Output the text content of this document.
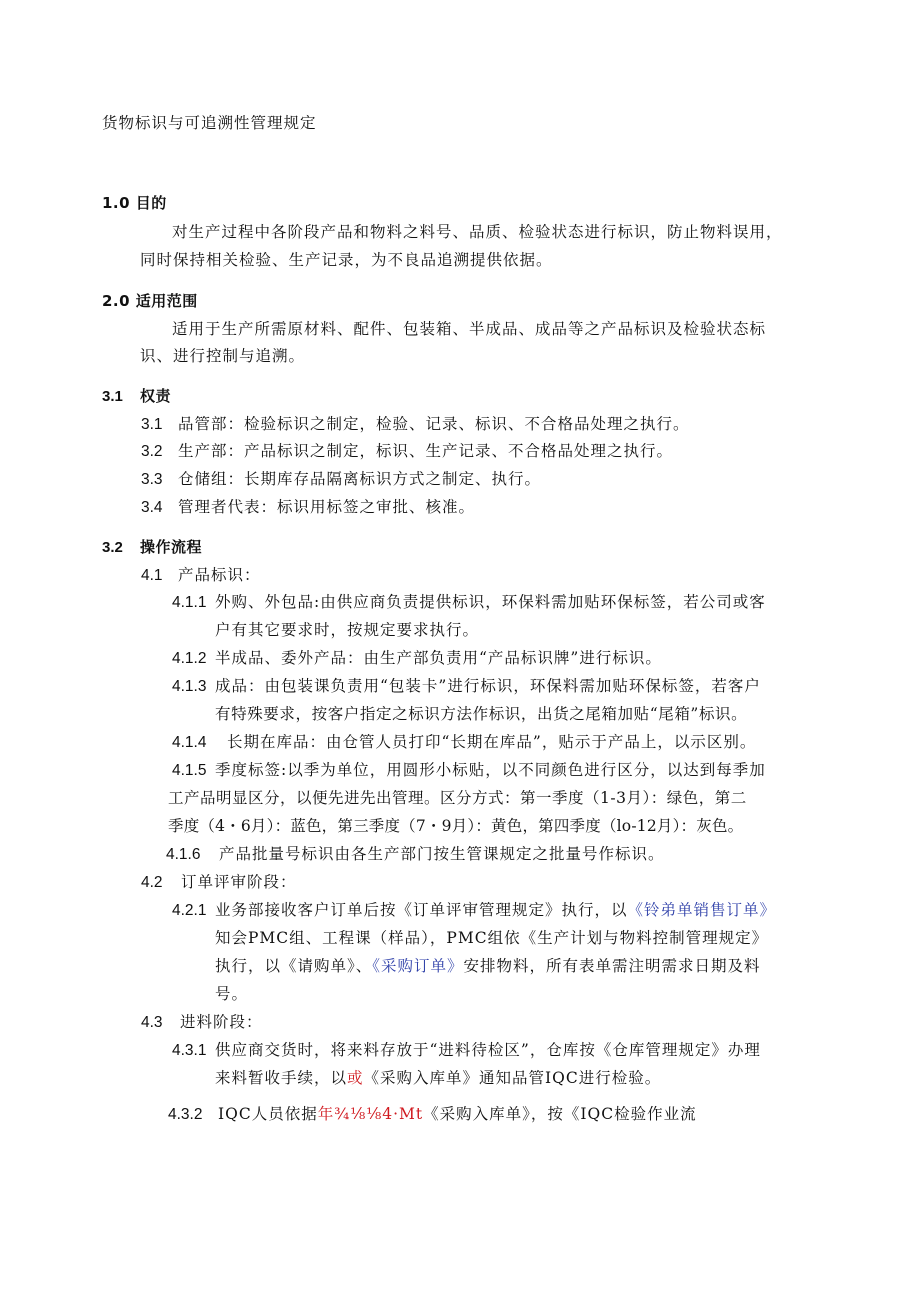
货物标识与可追溯性管理规定
1.0 目的
对生产过程中各阶段产品和物料之料号、品质、检验状态进行标识，防止物料误用，
同时保持相关检验、生产记录，为不良品追溯提供依据。
2.0 适用范围
适用于生产所需原材料、配件、包装箱、半成品、成品等之产品标识及检验状态标
识、进行控制与追溯。
3.1 权责
3.1 品管部：检验标识之制定，检验、记录、标识、不合格品处理之执行。
3.2 生产部：产品标识之制定，标识、生产记录、不合格品处理之执行。
3.3 仓储组：长期库存品隔离标识方式之制定、执行。
3.4 管理者代表：标识用标签之审批、核准。
3.2 操作流程
4.1 产品标识：
4.1.1 外购、外包品:由供应商负责提供标识，环保料需加贴环保标签，若公司或客
户有其它要求时，按规定要求执行。
4.1.2 半成品、委外产品：由生产部负责用“产品标识牌”进行标识。
4.1.3 成品：由包装课负责用“包装卡”进行标识，环保料需加贴环保标签，若客户
有特殊要求，按客户指定之标识方法作标识，出货之尾箱加贴“尾箱”标识。
4.1.4 长期在库品：由仓管人员打印“长期在库品”，贴示于产品上，以示区别。
4.1.5 季度标签:以季为单位，用圆形小标贴，以不同颜色进行区分，以达到每季加
工产品明显区分，以便先进先出管理。区分方式：第一季度（1-3月）：绿色，第二
季度（4・6月）：蓝色，第三季度（7・9月）：黄色，第四季度（lo-12月）：灰色。
4.1.6 产品批量号标识由各生产部门按生管课规定之批量号作标识。
4.2 订单评审阶段：
4.2.1 业务部接收客户订单后按《订单评审管理规定》执行，以《铃弟单销售订单》
知会PMC组、工程课（样品），PMC组依《生产计划与物料控制管理规定》
执行，以《请购单》、《采购订单》安排物料，所有表单需注明需求日期及料
号。
4.3 进料阶段：
4.3.1 供应商交货时，将来料存放于“进料待检区”，仓库按《仓库管理规定》办理
来料暂收手续，以或《采购入库单》通知品管IQC进行检验。
4.3.2 IQC人员依据年¾⅛⅛4·Mt《采购入库单》，按《IQC检验作业流
